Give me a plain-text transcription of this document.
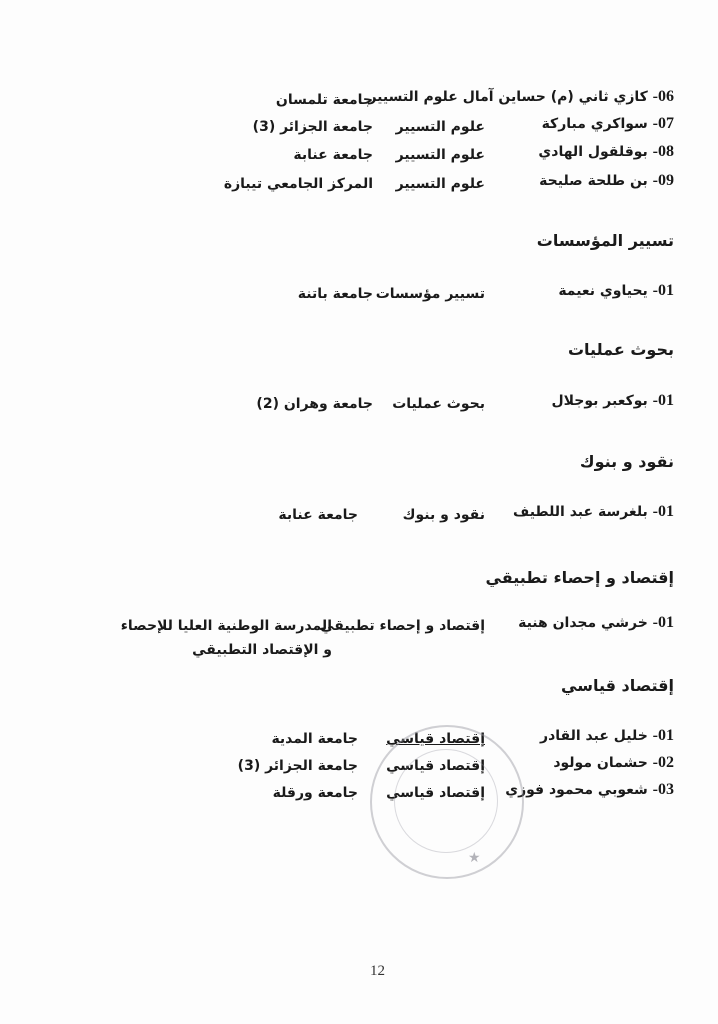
06- كازي ثاني (م) حساين آمال علوم التسيير
جامعة تلمسان
07- سواكري مباركة
علوم التسيير
جامعة الجزائر (3)
08- بوقلقول الهادي
علوم التسيير
جامعة عنابة
09- بن طلحة صليحة
علوم التسيير
المركز الجامعي تيبازة
تسيير المؤسسات
01- يحياوي نعيمة
تسيير مؤسسات
جامعة باتنة
بحوث عمليات
01- بوكعبر بوجلال
بحوث عمليات
جامعة وهران (2)
نقود و بنوك
01- بلغرسة عبد اللطيف
نقود و بنوك
جامعة عنابة
إقتصاد و إحصاء تطبيقي
01- خرشي مجدان هنية
إقتصاد و إحصاء تطبيقي
المدرسة الوطنية العليا للإحصاء
و الإقتصاد التطبيقي
إقتصاد قياسي
01- خليل عبد القادر
إقتصاد قياسي
جامعة المدية
02- حشمان مولود
إقتصاد قياسي
جامعة الجزائر (3)
03- شعوبي محمود فوزي
إقتصاد قياسي
جامعة ورقلة
★
12
